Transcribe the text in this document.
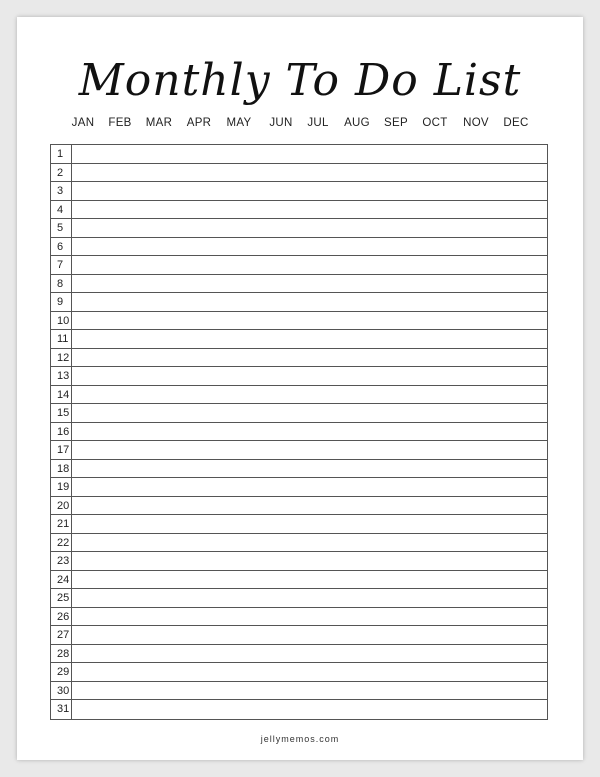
Monthly To Do List
JAN FEB MAR APR MAY JUN JUL AUG SEP OCT NOV DEC
1
2
3
4
5
6
7
8
9
10
11
12
13
14
15
16
17
18
19
20
21
22
23
24
25
26
27
28
29
30
31
jellymemos.com
